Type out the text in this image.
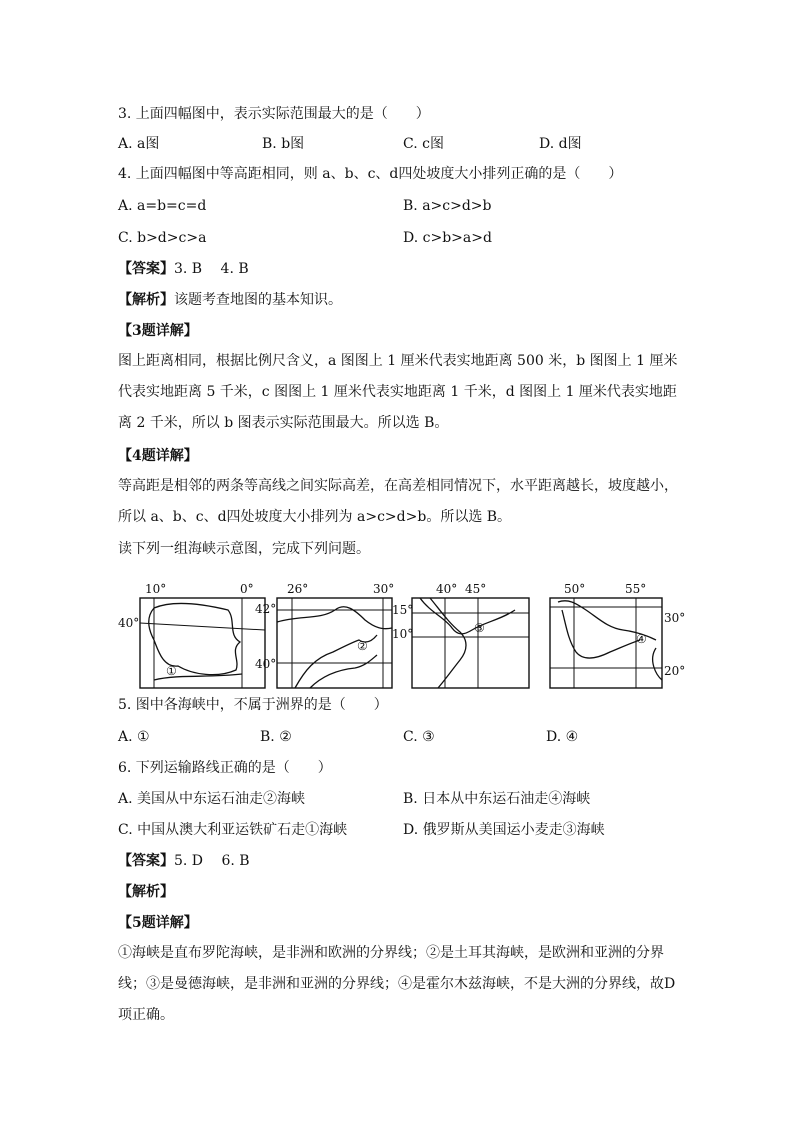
3. 上面四幅图中，表示实际范围最大的是（　　）
A. a图	B. b图	C. c图	D. d图
4. 上面四幅图中等高距相同，则 a、b、c、d四处坡度大小排列正确的是（　　）
A. a=b=c=d	B. a>c>d>b
C. b>d>c>a	D. c>b>a>d
【答案】3. B　 4. B
【解析】该题考查地图的基本知识。
【3题详解】
图上距离相同，根据比例尺含义，a 图图上 1 厘米代表实地距离 500 米，b 图图上 1 厘米代表实地距离 5 千米，c 图图上 1 厘米代表实地距离 1 千米，d 图图上 1 厘米代表实地距离 2 千米，所以 b 图表示实际范围最大。所以选 B。
【4题详解】
等高距是相邻的两条等高线之间实际高差，在高差相同情况下，水平距离越长，坡度越小，所以 a、b、c、d四处坡度大小排列为 a>c>d>b。所以选 B。
读下列一组海峡示意图，完成下列问题。
10°	0°
40°
①
26°	30°
42°
40°
②
40° 45°
③
15°
10°
50°	55°
30°
20°
④
5. 图中各海峡中，不属于洲界的是（　　）
A. ①	B. ②	C. ③	D. ④
6. 下列运输路线正确的是（　　）
A. 美国从中东运石油走②海峡	B. 日本从中东运石油走④海峡
C. 中国从澳大利亚运铁矿石走①海峡	D. 俄罗斯从美国运小麦走③海峡
【答案】5. D　 6. B
【解析】
【5题详解】
①海峡是直布罗陀海峡，是非洲和欧洲的分界线；②是土耳其海峡，是欧洲和亚洲的分界线；③是曼德海峡，是非洲和亚洲的分界线；④是霍尔木兹海峡，不是大洲的分界线，故D项正确。
